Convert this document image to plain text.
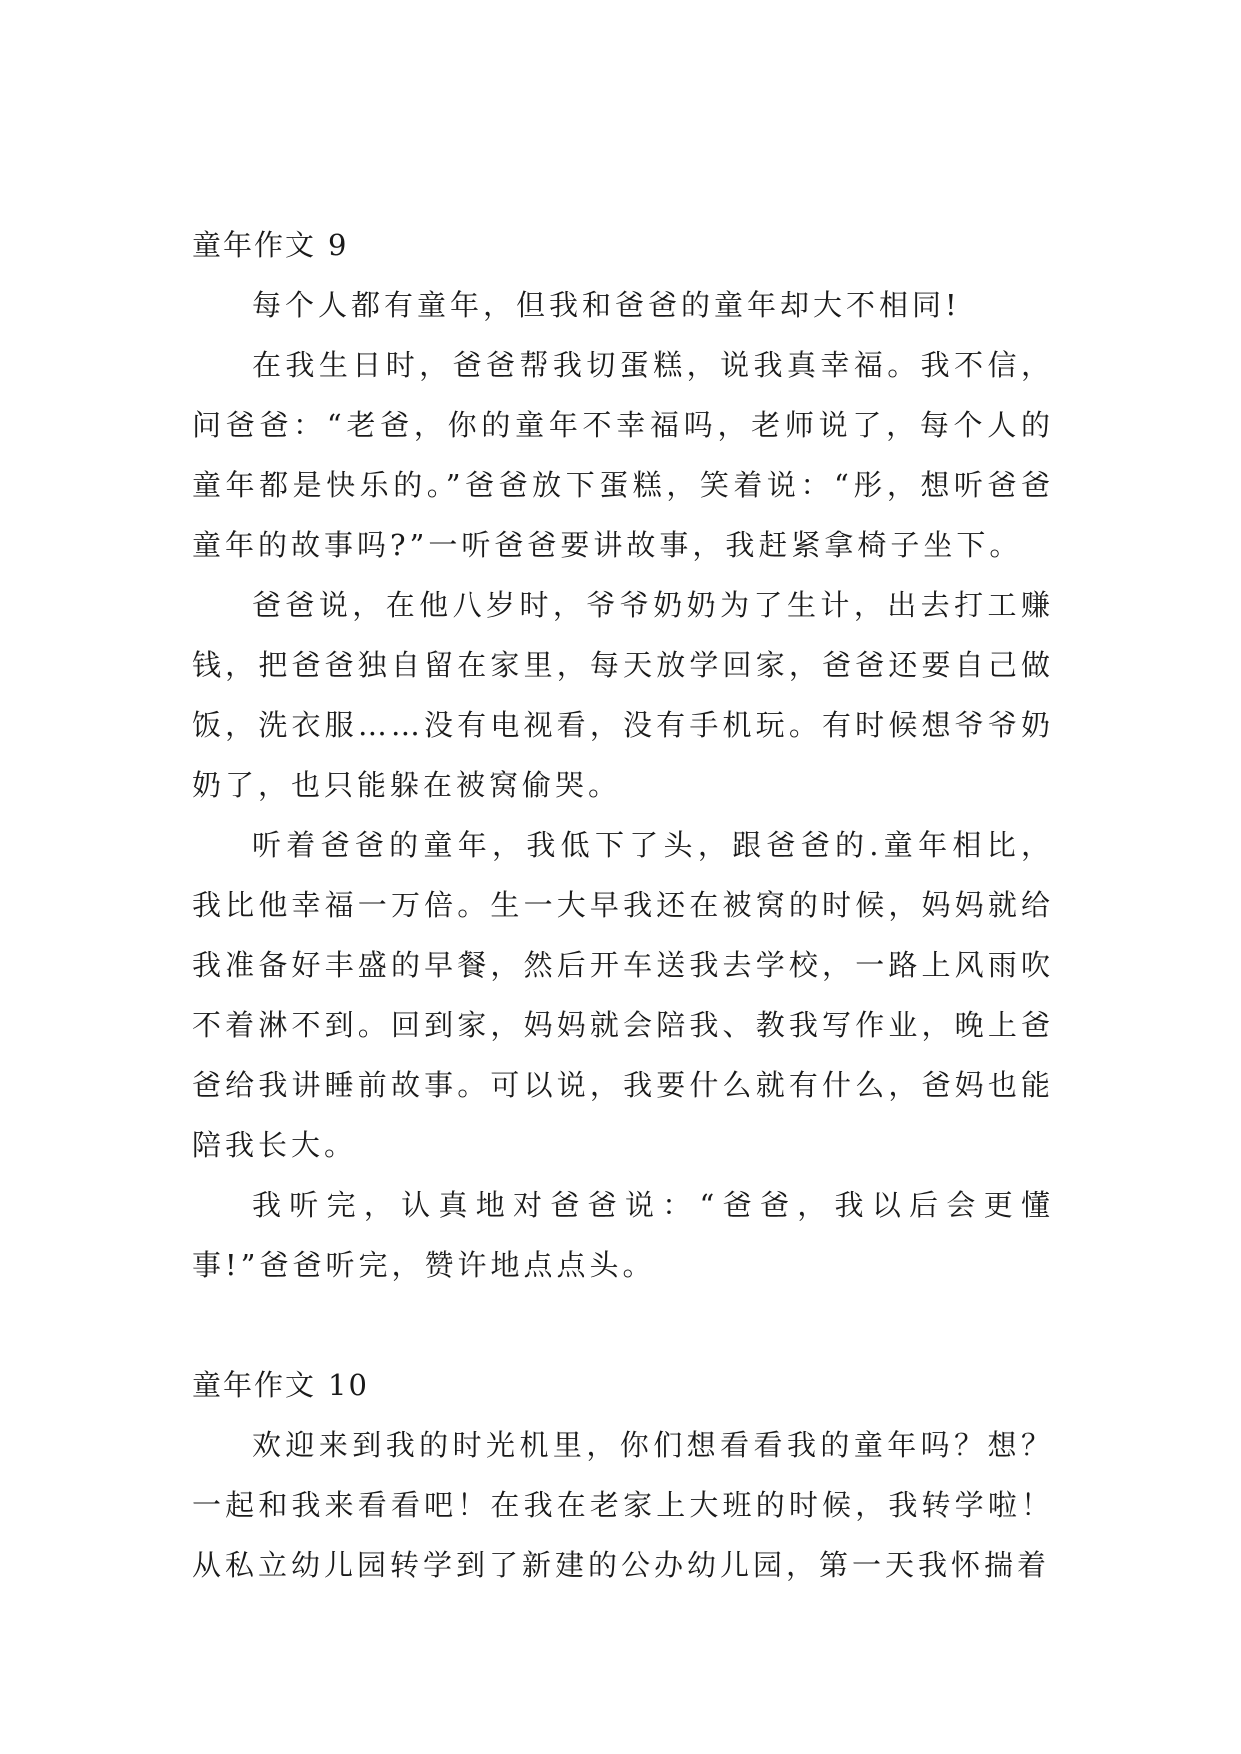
童年作文 9

每个人都有童年，但我和爸爸的童年却大不相同!

在我生日时，爸爸帮我切蛋糕，说我真幸福。我不信，问爸爸：“老爸，你的童年不幸福吗，老师说了，每个人的童年都是快乐的。”爸爸放下蛋糕，笑着说：“彤，想听爸爸童年的故事吗?”一听爸爸要讲故事，我赶紧拿椅子坐下。

爸爸说，在他八岁时，爷爷奶奶为了生计，出去打工赚钱，把爸爸独自留在家里，每天放学回家，爸爸还要自己做饭，洗衣服……没有电视看，没有手机玩。有时候想爷爷奶奶了，也只能躲在被窝偷哭。

听着爸爸的童年，我低下了头，跟爸爸的.童年相比，我比他幸福一万倍。生一大早我还在被窝的时候，妈妈就给我准备好丰盛的早餐，然后开车送我去学校，一路上风雨吹不着淋不到。回到家，妈妈就会陪我、教我写作业，晚上爸爸给我讲睡前故事。可以说，我要什么就有什么，爸妈也能陪我长大。

我听完，认真地对爸爸说：“爸爸，我以后会更懂事!”爸爸听完，赞许地点点头。

童年作文 10

欢迎来到我的时光机里，你们想看看我的童年吗？想？一起和我来看看吧！在我在老家上大班的时候，我转学啦！从私立幼儿园转学到了新建的公办幼儿园，第一天我怀揣着
